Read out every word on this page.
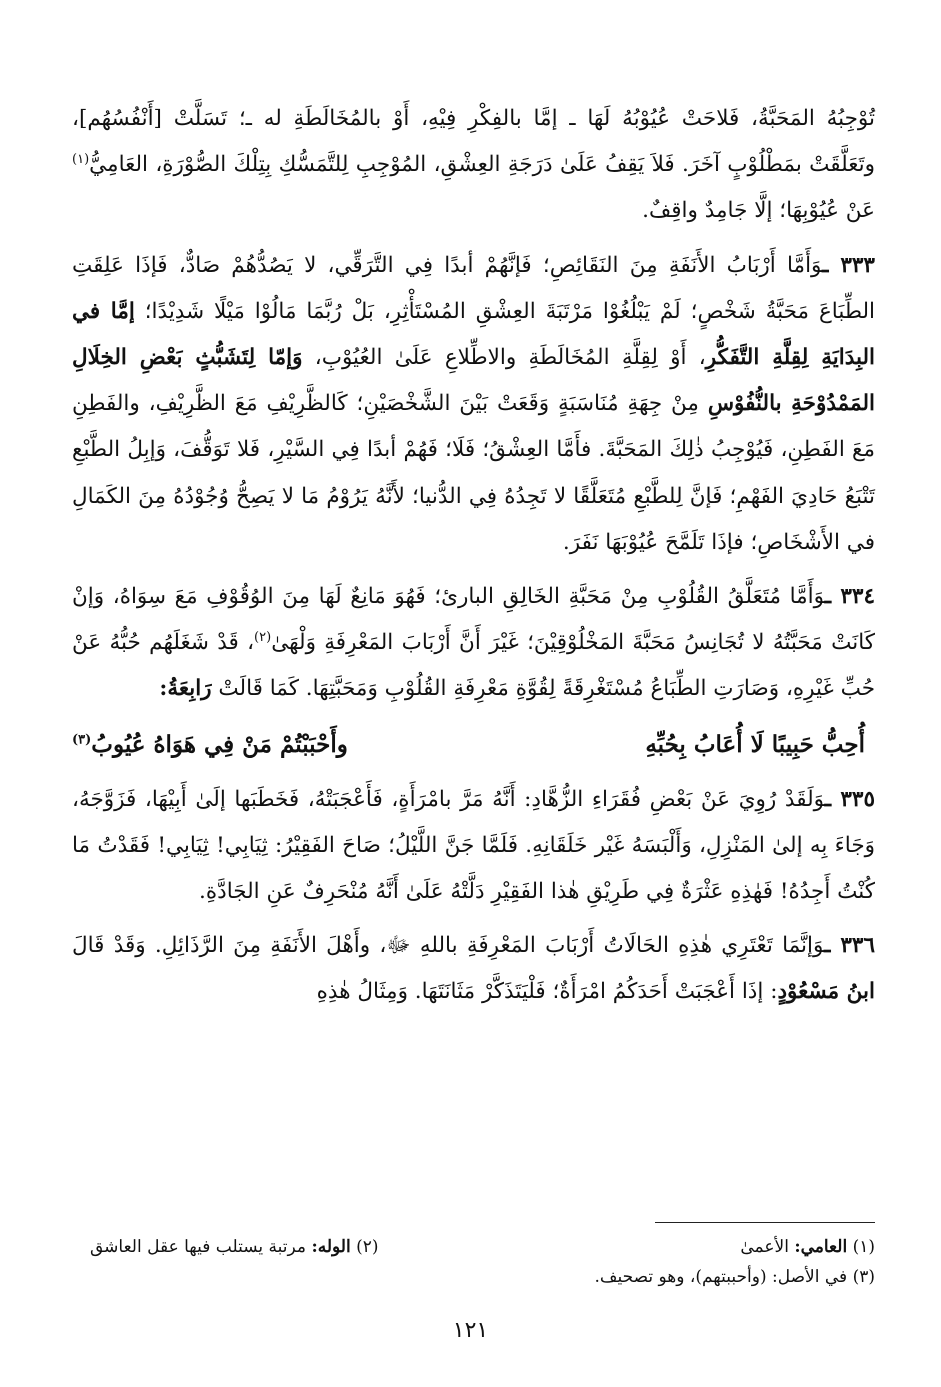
تُوْجِبُهُ المَحَبَّةُ، فَلاحَتْ عُيُوْبُهُ لَهَا ـ إمَّا بالفِكْرِ فِيْهِ، أَوْ بالمُخَالَطَةِ له ـ؛ تَسَلَّتْ [أَنْفُسُهُم]، وتَعَلَّقَتْ بمَطْلُوْبٍ آخَرَ. فَلاَ يَقِفُ عَلَىٰ دَرَجَةِ العِشْقِ، المُوْجِبِ لِلتَّمَسُّكِ بِتِلْكَ الصُّوْرَةِ، العَامِيُّ$^{(١)}$ عَنْ عُيُوْبِهَا؛ إلَّا جَامِدٌ واقِفٌ.

٣٣٣ ـوَأَمَّا أَرْبَابُ الأَنَفَةِ مِنَ النَقَائِصِ؛ فَإنَّهُمْ أبدًا فِي التَّرَقِّي، لا يَصُدُّهُمْ صَادٌّ، فَإذَا عَلِقَتِ الطِّبَاعَ مَحَبَّةُ شَخْصٍ؛ لَمْ يَبْلُغُوْا مَرْتَبَةَ العِشْقِ المُسْتَأْثِرِ، بَلْ رُبَّمَا مَالُوْا مَيْلًا شَدِيْدًا؛ إمَّا في البِدَايَةِ لِقِلَّةِ التَّفَكُّرِ، أَوْ لِقِلَّةِ المُخَالَطَةِ والاطِّلاعِ عَلَىٰ العُيُوْبِ، وَإمّا لِتَشَبُّثٍ بَعْضِ الخِلَالِ المَمْدُوْحَةِ بالنُّفُوْسِ مِنْ جِهَةِ مُنَاسَبَةٍ وَقَعَتْ بَيْنَ الشَّخْصَيْنِ؛ كَالظَّرِيْفِ مَعَ الظَّرِيْفِ، والفَطِنِ مَعَ الفَطِنِ، فَيُوْجِبُ ذٰلِكَ المَحَبَّةَ. فأَمَّا العِشْقُ؛ فَلَا؛ فَهُمْ أبدًا فِي السَّيْرِ، فَلا تَوَقُّفَ، وَإبِلُ الطَّبْعِ تَتْبَعُ حَادِيَ الفَهْمِ؛ فَإنَّ لِلطَّبْعِ مُتَعَلَّقًا لا تَجِدُهُ فِي الدُّنيا؛ لأَنَّهُ يَرُوْمُ مَا لا يَصِحُّ وُجُوْدُهُ مِنَ الكَمَالِ في الأَشْخَاصِ؛ فإذَا تَلَمَّحَ عُيُوْبَهَا نَفَرَ.

٣٣٤ ـوَأَمَّا مُتَعَلَّقُ القُلُوْبِ مِنْ مَحَبَّةِ الخَالِقِ البارئ؛ فَهُوَ مَانِعٌ لَهَا مِنَ الوُقُوْفِ مَعَ سِوَاهُ، وَإنْ كَانَتْ مَحَبَّتُهُ لا تُجَانِسُ مَحَبَّةَ المَخْلُوْقِيْنَ؛ غَيْرَ أَنَّ أَرْبَابَ المَعْرِفَةِ وَلْهَىٰ$^{(٢)}$، قَدْ شَغَلَهُم حُبُّهُ عَنْ حُبِّ غَيْرِهِ، وَصَارَتِ الطِّبَاعُ مُسْتَغْرِقَةً لِقُوَّةِ مَعْرِفَةِ القُلُوْبِ وَمَحَبَّتِهَا. كَمَا قَالَتْ رَابِعَةُ:

أُحِبُّ حَبِيبًا لَا أُعَابُ بِحُبِّهِ
وأَحْبَبْتُمْ مَنْ فِي هَوَاهُ عُيُوبُ$^{(٣)}$

٣٣٥ ـوَلَقَدْ رُوِيَ عَنْ بَعْضِ فُقَرَاءِ الزُّهَّادِ: أَنَّهُ مَرَّ بامْرَأَةٍ، فَأَعْجَبَتْهُ، فَخَطَبَها إلَىٰ أَبِيْهَا، فَزَوَّجَهُ، وَجَاءَ بِه إلىٰ المَنْزِلِ، وَأَلْبَسَهُ غَيْر خَلَقَانِهِ. فَلَمَّا جَنَّ اللَّيْلُ؛ صَاحَ الفَقِيْرُ: ثِيَابِي! ثِيَابِي! فَقَدْتُ مَا كُنْتُ أَجِدُهُ! فَهٰذِهِ عَثْرَةٌ فِي طَرِيْقِ هٰذا الفَقِيْرِ دَلَّتْهُ عَلَىٰ أَنَّهُ مُنْحَرِفٌ عَنِ الجَادَّةِ.

٣٣٦ ـوَإنَّمَا تَعْتَرِي هٰذِهِ الحَالَاتُ أَرْبَابَ المَعْرِفَةِ باللهِ ﷻ، وأَهْلَ الأَنَفَةِ مِنَ الرَّذَائِلِ. وَقَدْ قَالَ ابنُ مَسْعُوْدٍ: إذَا أَعْجَبَتْ أَحَدَكُمُ امْرَأَةٌ؛ فَلْيَتَذَكَّرْ مَثَانَتَهَا. وَمِثَالُ هٰذِهِ

(١) العامي: الأعمىٰ
(٢) الوله: مرتبة يستلب فيها عقل العاشق
(٣) في الأصل: (وأحببتهم)، وهو تصحيف.
١٢١
